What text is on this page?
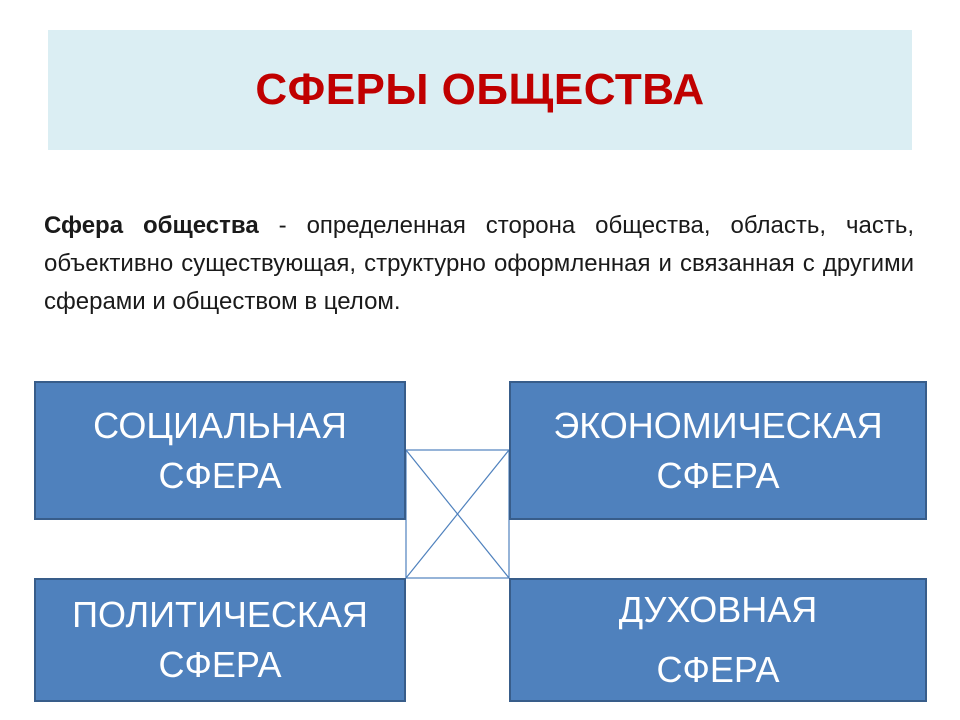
СФЕРЫ ОБЩЕСТВА
Сфера общества - определенная сторона общества, область, часть, объективно существующая, структурно оформленная и связанная с другими сферами и обществом в целом.
СОЦИАЛЬНАЯ
СФЕРА
ЭКОНОМИЧЕСКАЯ
СФЕРА
ПОЛИТИЧЕСКАЯ
СФЕРА
ДУХОВНАЯ
СФЕРА
